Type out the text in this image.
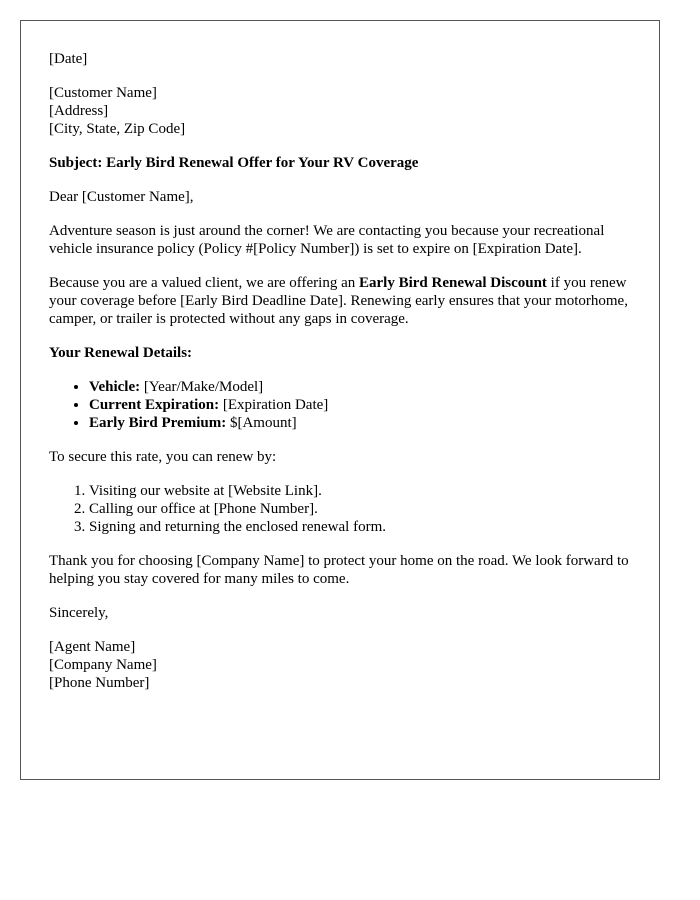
[Date]

[Customer Name]
[Address]
[City, State, Zip Code]

Subject: Early Bird Renewal Offer for Your RV Coverage

Dear [Customer Name],

Adventure season is just around the corner! We are contacting you because your recreational vehicle insurance policy (Policy #[Policy Number]) is set to expire on [Expiration Date].

Because you are a valued client, we are offering an Early Bird Renewal Discount if you renew your coverage before [Early Bird Deadline Date]. Renewing early ensures that your motorhome, camper, or trailer is protected without any gaps in coverage.

Your Renewal Details:

• Vehicle: [Year/Make/Model]
• Current Expiration: [Expiration Date]
• Early Bird Premium: $[Amount]

To secure this rate, you can renew by:

1. Visiting our website at [Website Link].
2. Calling our office at [Phone Number].
3. Signing and returning the enclosed renewal form.

Thank you for choosing [Company Name] to protect your home on the road. We look forward to helping you stay covered for many miles to come.

Sincerely,

[Agent Name]
[Company Name]
[Phone Number]
